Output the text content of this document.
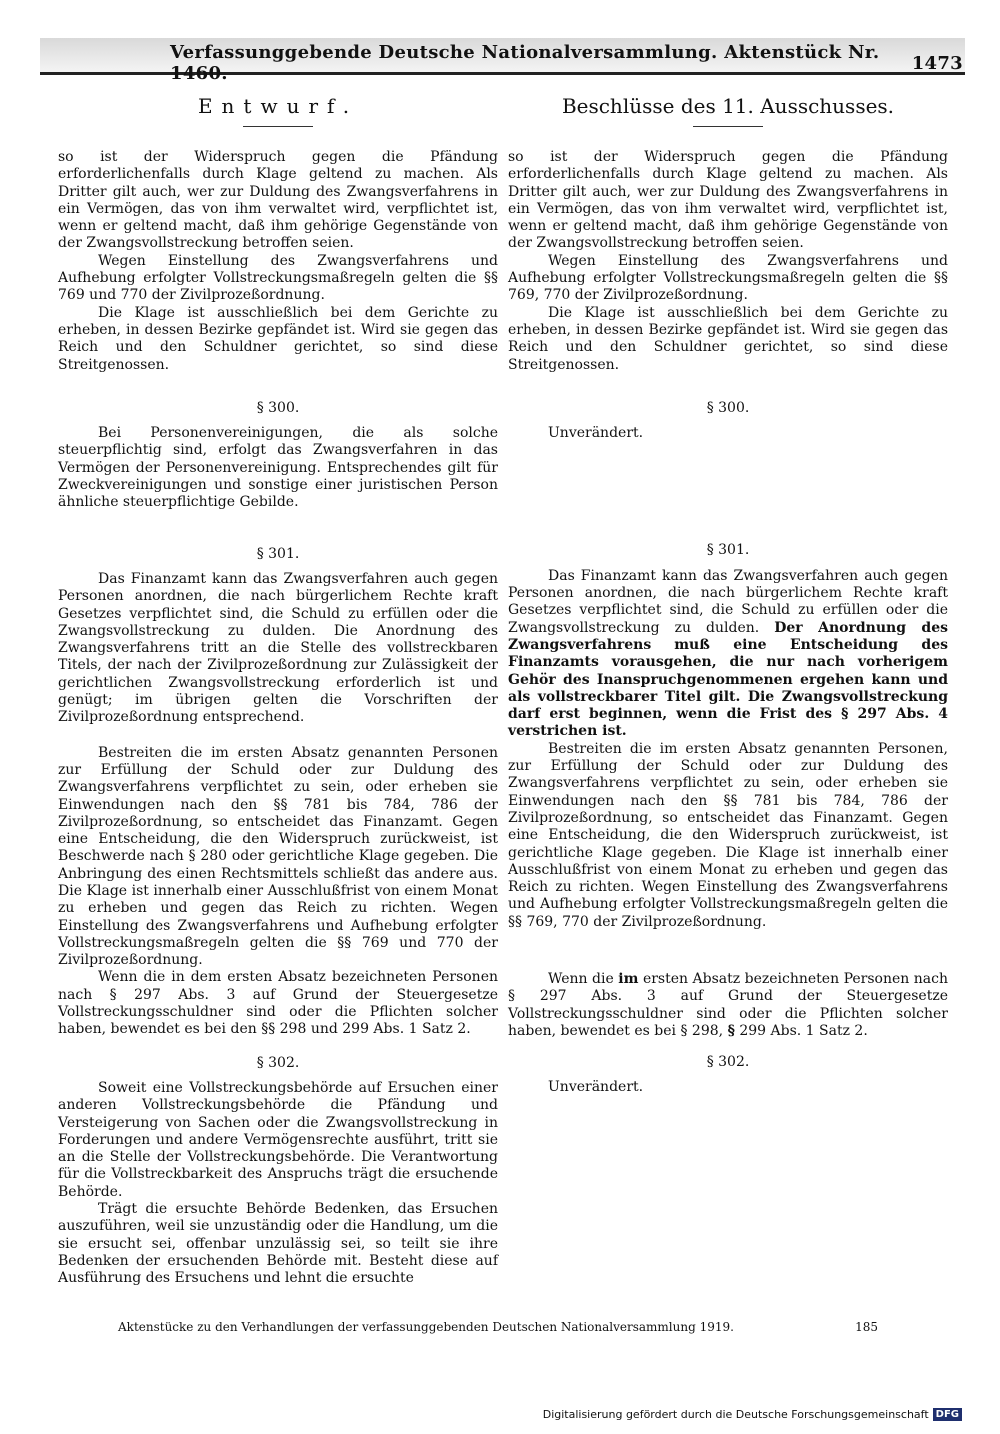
Verfassunggebende Deutsche Nationalversammlung. Aktenstück Nr. 1460.	1473
Entwurf.

so ist der Widerspruch gegen die Pfändung erforderlichenfalls durch Klage geltend zu machen. Als Dritter gilt auch, wer zur Duldung des Zwangsverfahrens in ein Vermögen, das von ihm verwaltet wird, verpflichtet ist, wenn er geltend macht, daß ihm gehörige Gegenstände von der Zwangsvollstreckung betroffen seien.

Wegen Einstellung des Zwangsverfahrens und Aufhebung erfolgter Vollstreckungsmaßregeln gelten die §§ 769 und 770 der Zivilprozeßordnung.

Die Klage ist ausschließlich bei dem Gerichte zu erheben, in dessen Bezirke gepfändet ist. Wird sie gegen das Reich und den Schuldner gerichtet, so sind diese Streitgenossen.

§ 300.

Bei Personenvereinigungen, die als solche steuerpflichtig sind, erfolgt das Zwangsverfahren in das Vermögen der Personenvereinigung. Entsprechendes gilt für Zweckvereinigungen und sonstige einer juristischen Person ähnliche steuerpflichtige Gebilde.

§ 301.

Das Finanzamt kann das Zwangsverfahren auch gegen Personen anordnen, die nach bürgerlichem Rechte kraft Gesetzes verpflichtet sind, die Schuld zu erfüllen oder die Zwangsvollstreckung zu dulden. Die Anordnung des Zwangsverfahrens tritt an die Stelle des vollstreckbaren Titels, der nach der Zivilprozeßordnung zur Zulässigkeit der gerichtlichen Zwangsvollstreckung erforderlich ist und genügt; im übrigen gelten die Vorschriften der Zivilprozeßordnung entsprechend.

Bestreiten die im ersten Absatz genannten Personen zur Erfüllung der Schuld oder zur Duldung des Zwangsverfahrens verpflichtet zu sein, oder erheben sie Einwendungen nach den §§ 781 bis 784, 786 der Zivilprozeßordnung, so entscheidet das Finanzamt. Gegen eine Entscheidung, die den Widerspruch zurückweist, ist Beschwerde nach § 280 oder gerichtliche Klage gegeben. Die Anbringung des einen Rechtsmittels schließt das andere aus. Die Klage ist innerhalb einer Ausschlußfrist von einem Monat zu erheben und gegen das Reich zu richten. Wegen Einstellung des Zwangsverfahrens und Aufhebung erfolgter Vollstreckungsmaßregeln gelten die §§ 769 und 770 der Zivilprozeßordnung.

Wenn die in dem ersten Absatz bezeichneten Personen nach § 297 Abs. 3 auf Grund der Steuergesetze Vollstreckungsschuldner sind oder die Pflichten solcher haben, bewendet es bei den §§ 298 und 299 Abs. 1 Satz 2.

§ 302.

Soweit eine Vollstreckungsbehörde auf Ersuchen einer anderen Vollstreckungsbehörde die Pfändung und Versteigerung von Sachen oder die Zwangsvollstreckung in Forderungen und andere Vermögensrechte ausführt, tritt sie an die Stelle der Vollstreckungsbehörde. Die Verantwortung für die Vollstreckbarkeit des Anspruchs trägt die ersuchende Behörde.

Trägt die ersuchte Behörde Bedenken, das Ersuchen auszuführen, weil sie unzuständig oder die Handlung, um die sie ersucht sei, offenbar unzulässig sei, so teilt sie ihre Bedenken der ersuchenden Behörde mit. Besteht diese auf Ausführung des Ersuchens und lehnt die ersuchte

Beschlüsse des 11. Ausschusses.

so ist der Widerspruch gegen die Pfändung erforderlichenfalls durch Klage geltend zu machen. Als Dritter gilt auch, wer zur Duldung des Zwangsverfahrens in ein Vermögen, das von ihm verwaltet wird, verpflichtet ist, wenn er geltend macht, daß ihm gehörige Gegenstände von der Zwangsvollstreckung betroffen seien.

Wegen Einstellung des Zwangsverfahrens und Aufhebung erfolgter Vollstreckungsmaßregeln gelten die §§ 769, 770 der Zivilprozeßordnung.

Die Klage ist ausschließlich bei dem Gerichte zu erheben, in dessen Bezirke gepfändet ist. Wird sie gegen das Reich und den Schuldner gerichtet, so sind diese Streitgenossen.

§ 300.

Unverändert.

§ 301.

Das Finanzamt kann das Zwangsverfahren auch gegen Personen anordnen, die nach bürgerlichem Rechte kraft Gesetzes verpflichtet sind, die Schuld zu erfüllen oder die Zwangsvollstreckung zu dulden. Der Anordnung des Zwangsverfahrens muß eine Entscheidung des Finanzamts vorausgehen, die nur nach vorherigem Gehör des Inanspruchgenommenen ergehen kann und als vollstreckbarer Titel gilt. Die Zwangsvollstreckung darf erst beginnen, wenn die Frist des § 297 Abs. 4 verstrichen ist.

Bestreiten die im ersten Absatz genannten Personen, zur Erfüllung der Schuld oder zur Duldung des Zwangsverfahrens verpflichtet zu sein, oder erheben sie Einwendungen nach den §§ 781 bis 784, 786 der Zivilprozeßordnung, so entscheidet das Finanzamt. Gegen eine Entscheidung, die den Widerspruch zurückweist, ist gerichtliche Klage gegeben. Die Klage ist innerhalb einer Ausschlußfrist von einem Monat zu erheben und gegen das Reich zu richten. Wegen Einstellung des Zwangsverfahrens und Aufhebung erfolgter Vollstreckungsmaßregeln gelten die §§ 769, 770 der Zivilprozeßordnung.

Wenn die im ersten Absatz bezeichneten Personen nach § 297 Abs. 3 auf Grund der Steuergesetze Vollstreckungsschuldner sind oder die Pflichten solcher haben, bewendet es bei § 298, § 299 Abs. 1 Satz 2.

§ 302.

Unverändert.

Aktenstücke zu den Verhandlungen der verfassunggebenden Deutschen Nationalversammlung 1919.	185
Digitalisierung gefördert durch die Deutsche Forschungsgemeinschaft DFG
